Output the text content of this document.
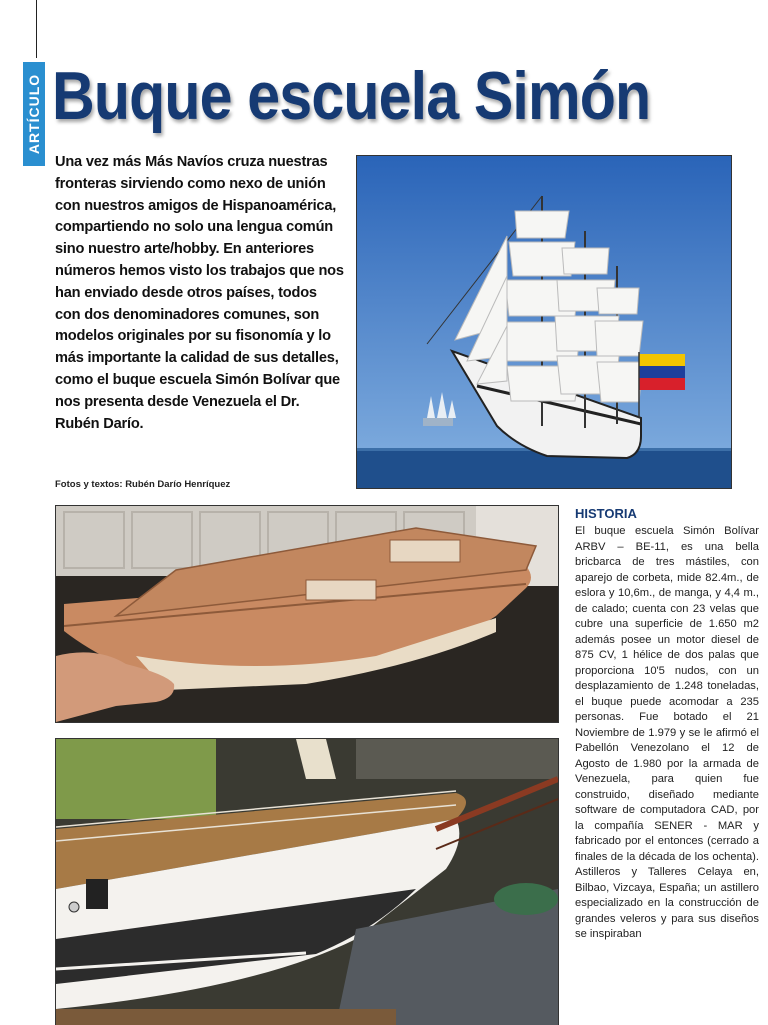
ARTÍCULO Buque escuela Simón

Una vez más Más Navíos cruza nuestras fronteras sirviendo como nexo de unión con nuestros amigos de Hispanoamérica, compartiendo no solo una lengua común sino nuestro arte/hobby. En anteriores números hemos visto los trabajos que nos han enviado desde otros países, todos con dos denominadores comunes, son modelos originales por su fisonomía y lo más importante la calidad de sus detalles, como el buque escuela Simón Bolívar que nos presenta desde Venezuela el Dr. Rubén Darío.

Fotos y textos: Rubén Darío Henríquez

HISTORIA

El buque escuela Simón Bolívar ARBV – BE-11, es una bella bricbarca de tres mástiles, con aparejo de corbeta, mide 82.4m., de eslora y 10,6m., de manga, y 4,4 m., de calado; cuenta con 23 velas que cubre una superficie de 1.650 m2 además posee un motor diesel de 875 CV, 1 hélice de dos palas que proporciona 10'5 nudos, con un desplazamiento de 1.248 toneladas, el buque puede acomodar a 235 personas. Fue botado el 21 Noviembre de 1.979 y se le afirmó el Pabellón Venezolano el 12 de Agosto de 1.980 por la armada de Venezuela, para quien fue construido, diseñado mediante software de computadora CAD, por la compañía SENER - MAR y fabricado por el entonces (cerrado a finales de la década de los ochenta). Astilleros y Talleres Celaya en, Bilbao, Vizcaya, España; un astillero especializado en la construcción de grandes veleros y para sus diseños se inspiraban
